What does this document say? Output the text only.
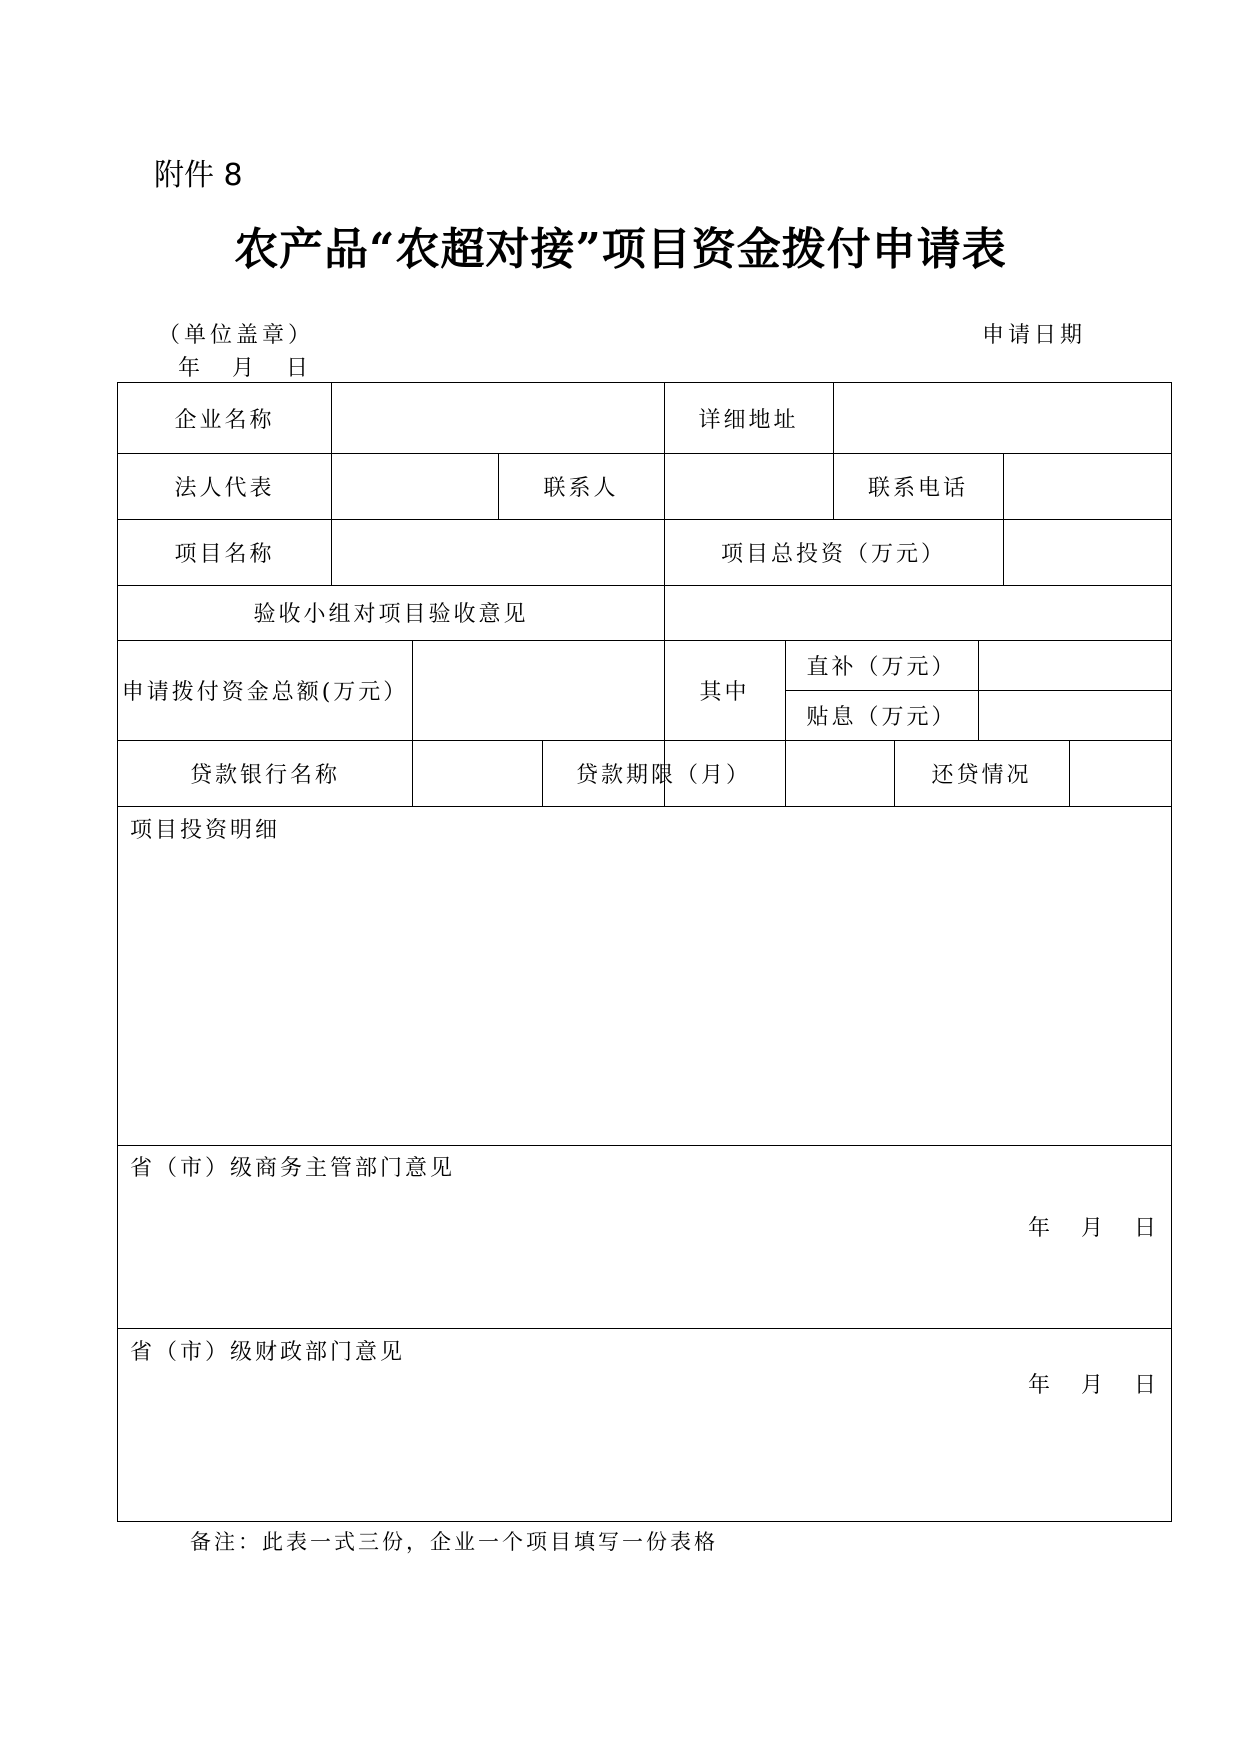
附件 8
农产品“农超对接”项目资金拨付申请表
（单位盖章）	申请日期
年 月 日
企业名称	详细地址
法人代表	联系人	联系电话
项目名称	项目总投资（万元）
验收小组对项目验收意见
申请拨付资金总额(万元）	其中
直补（万元）
贴息（万元）
贷款银行名称	贷款期限（月）	还贷情况
项目投资明细
省（市）级商务主管部门意见
年 月 日
省（市）级财政部门意见
年 月 日
备注：此表一式三份，企业一个项目填写一份表格
